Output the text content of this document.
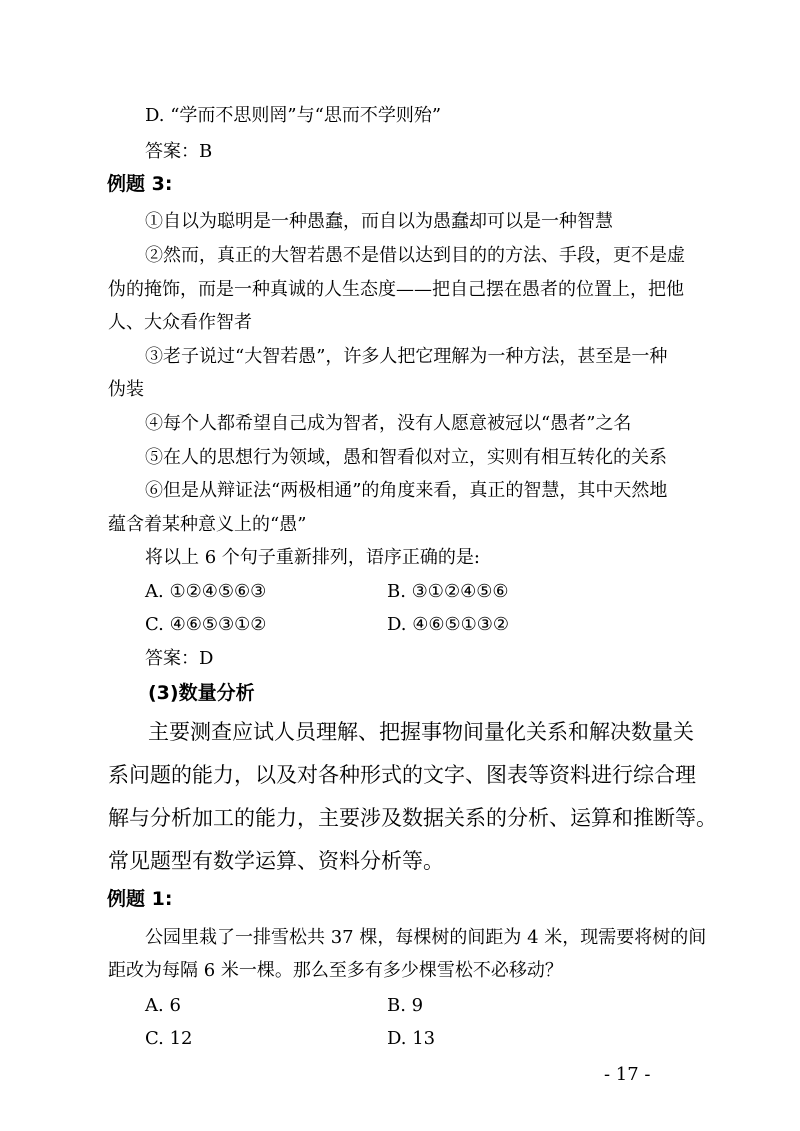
D. “学而不思则罔”与“思而不学则殆”
答案：B
例题 3:
①自以为聪明是一种愚蠢，而自以为愚蠢却可以是一种智慧
②然而，真正的大智若愚不是借以达到目的的方法、手段，更不是虚
伪的掩饰，而是一种真诚的人生态度——把自己摆在愚者的位置上，把他
人、大众看作智者
③老子说过“大智若愚”，许多人把它理解为一种方法，甚至是一种
伪装
④每个人都希望自己成为智者，没有人愿意被冠以“愚者”之名
⑤在人的思想行为领域，愚和智看似对立，实则有相互转化的关系
⑥但是从辩证法“两极相通”的角度来看，真正的智慧，其中天然地
蕴含着某种意义上的“愚”
将以上 6 个句子重新排列，语序正确的是:
A. ①②④⑤⑥③	B. ③①②④⑤⑥
C. ④⑥⑤③①②	D. ④⑥⑤①③②
答案：D
(3)数量分析
主要测查应试人员理解、把握事物间量化关系和解决数量关
系问题的能力，以及对各种形式的文字、图表等资料进行综合理
解与分析加工的能力，主要涉及数据关系的分析、运算和推断等。
常见题型有数学运算、资料分析等。
例题 1:
公园里栽了一排雪松共 37 棵，每棵树的间距为 4 米，现需要将树的间
距改为每隔 6 米一棵。那么至多有多少棵雪松不必移动？
A. 6	B. 9
C. 12	D. 13
- 17 -
